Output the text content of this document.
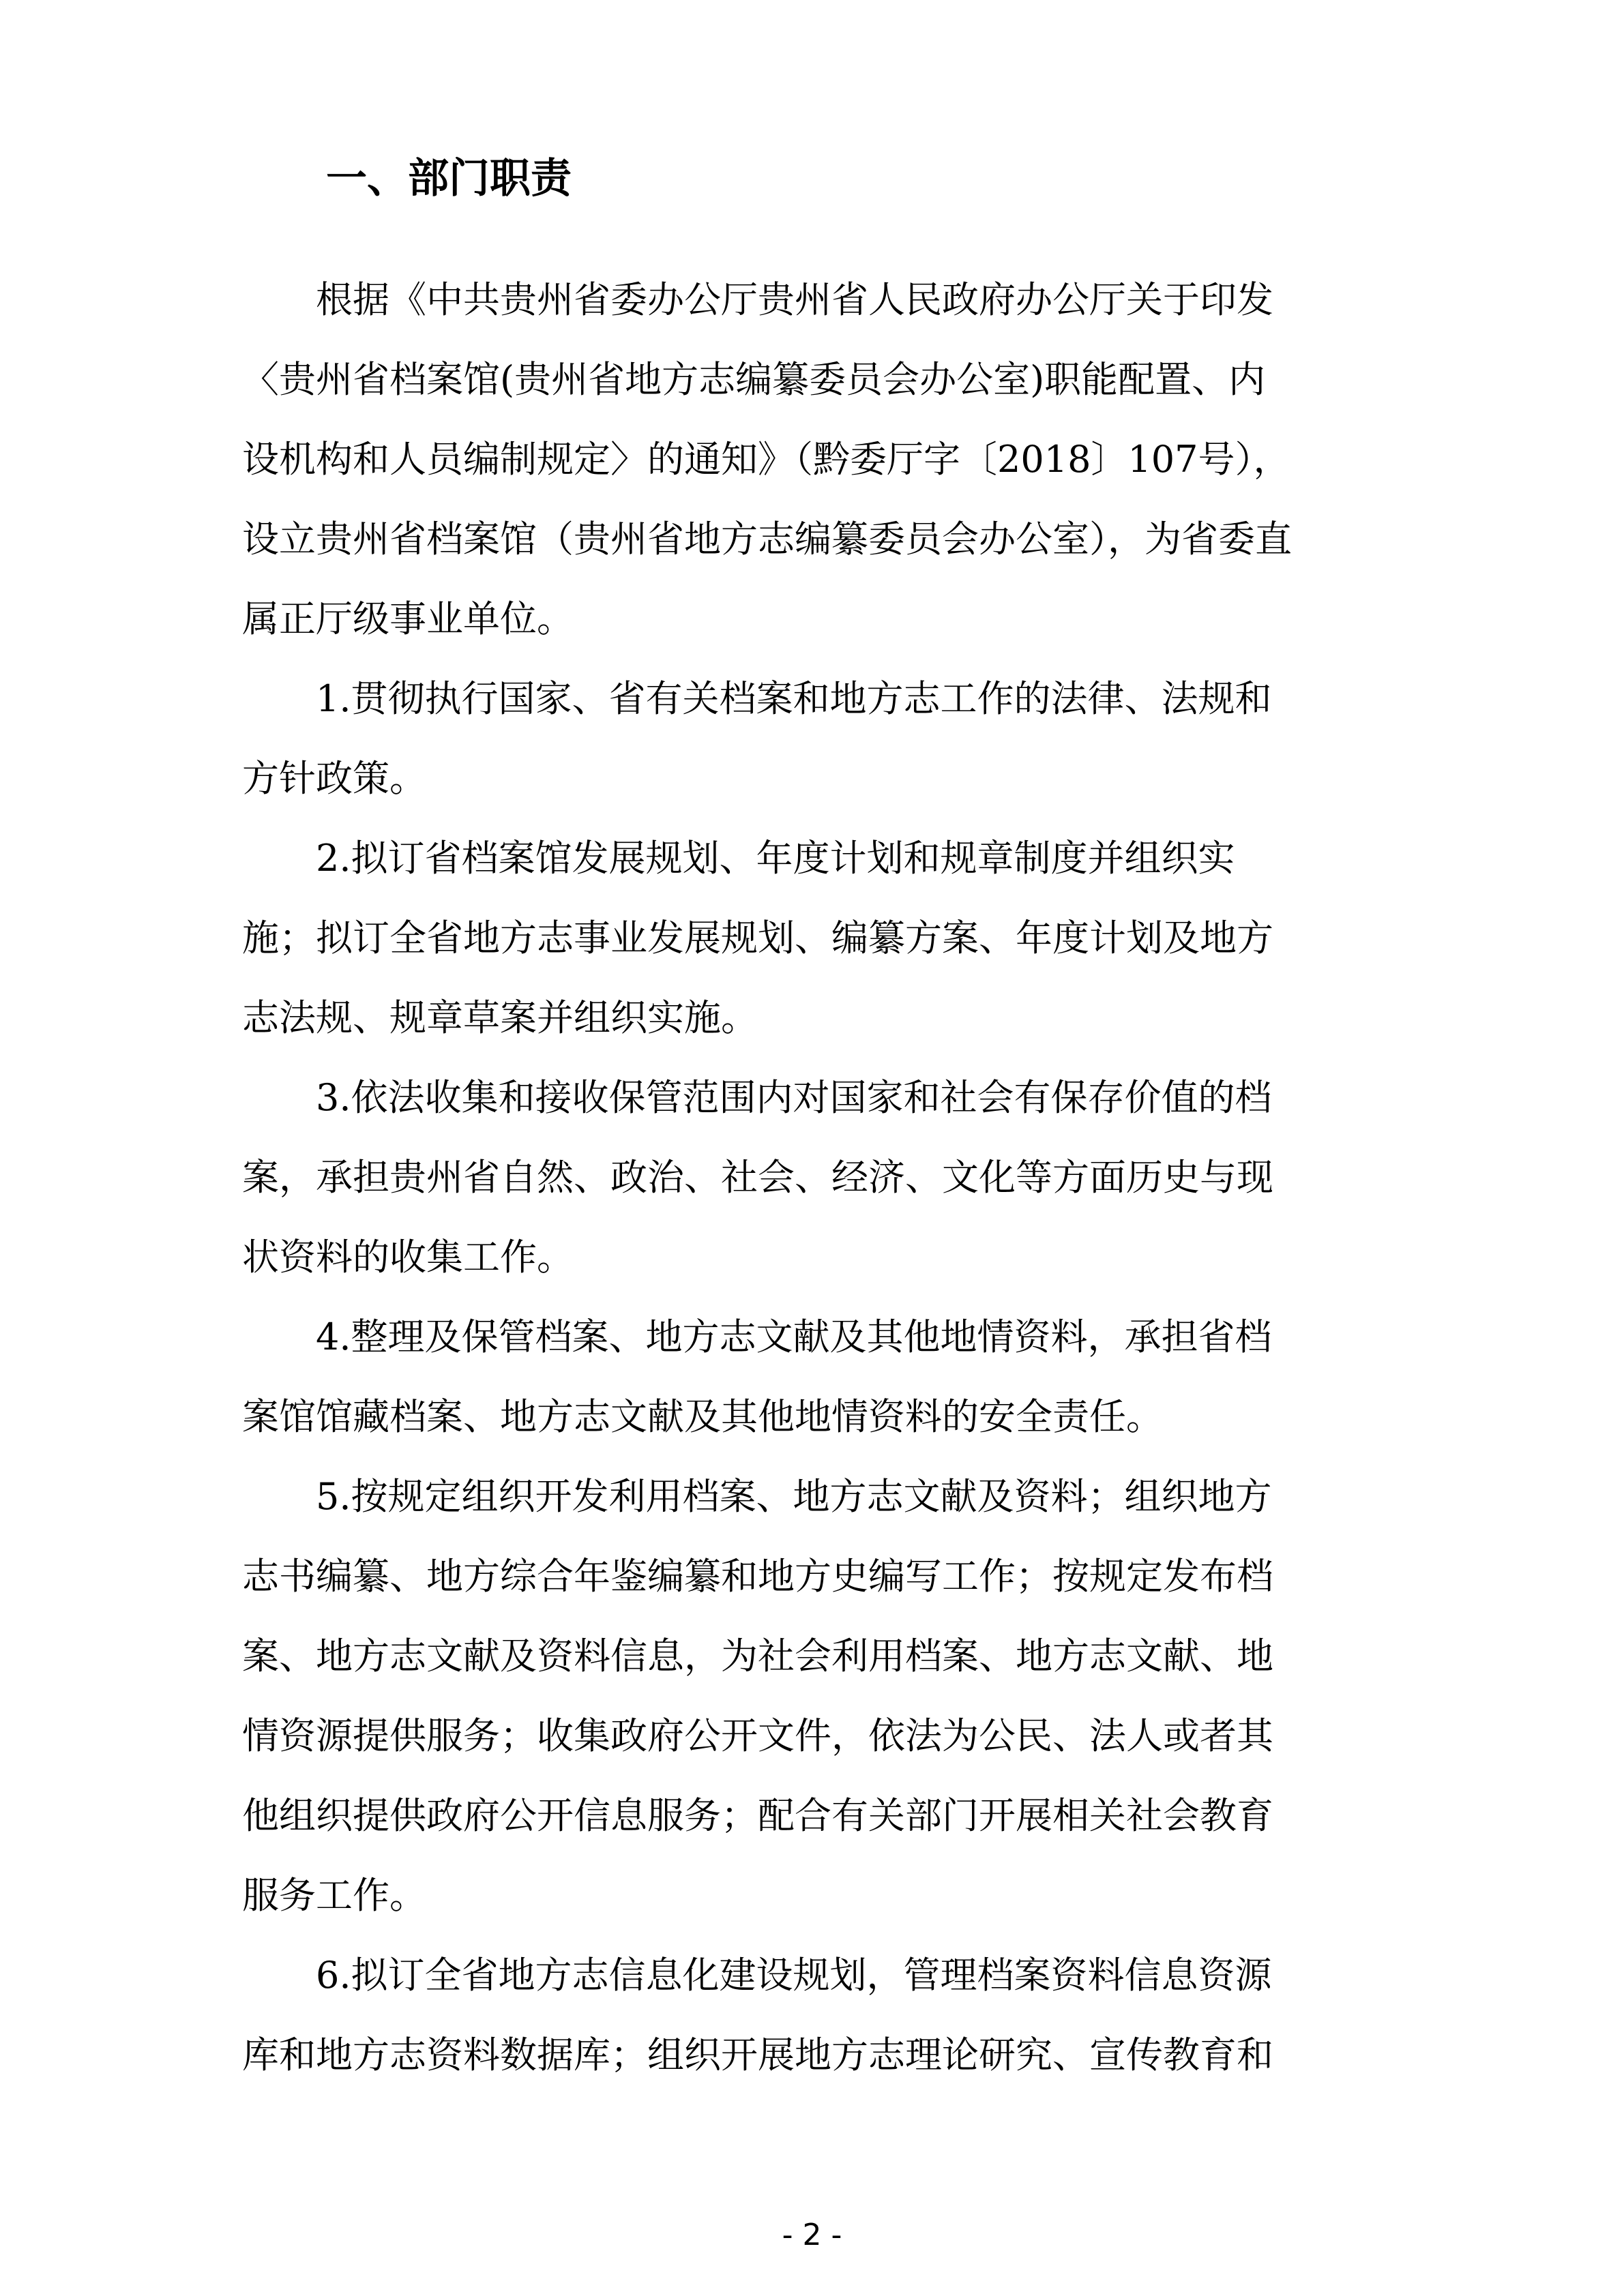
一、部门职责
根据《中共贵州省委办公厅贵州省人民政府办公厅关于印发
〈贵州省档案馆(贵州省地方志编纂委员会办公室)职能配置、内
设机构和人员编制规定〉的通知》（黔委厅字〔2018〕107号），
设立贵州省档案馆（贵州省地方志编纂委员会办公室），为省委直
属正厅级事业单位。
1.贯彻执行国家、省有关档案和地方志工作的法律、法规和
方针政策。
2.拟订省档案馆发展规划、年度计划和规章制度并组织实
施；拟订全省地方志事业发展规划、编纂方案、年度计划及地方
志法规、规章草案并组织实施。
3.依法收集和接收保管范围内对国家和社会有保存价值的档
案，承担贵州省自然、政治、社会、经济、文化等方面历史与现
状资料的收集工作。
4.整理及保管档案、地方志文献及其他地情资料，承担省档
案馆馆藏档案、地方志文献及其他地情资料的安全责任。
5.按规定组织开发利用档案、地方志文献及资料；组织地方
志书编纂、地方综合年鉴编纂和地方史编写工作；按规定发布档
案、地方志文献及资料信息，为社会利用档案、地方志文献、地
情资源提供服务；收集政府公开文件，依法为公民、法人或者其
他组织提供政府公开信息服务；配合有关部门开展相关社会教育
服务工作。
6.拟订全省地方志信息化建设规划，管理档案资料信息资源
库和地方志资料数据库；组织开展地方志理论研究、宣传教育和
- 2 -
